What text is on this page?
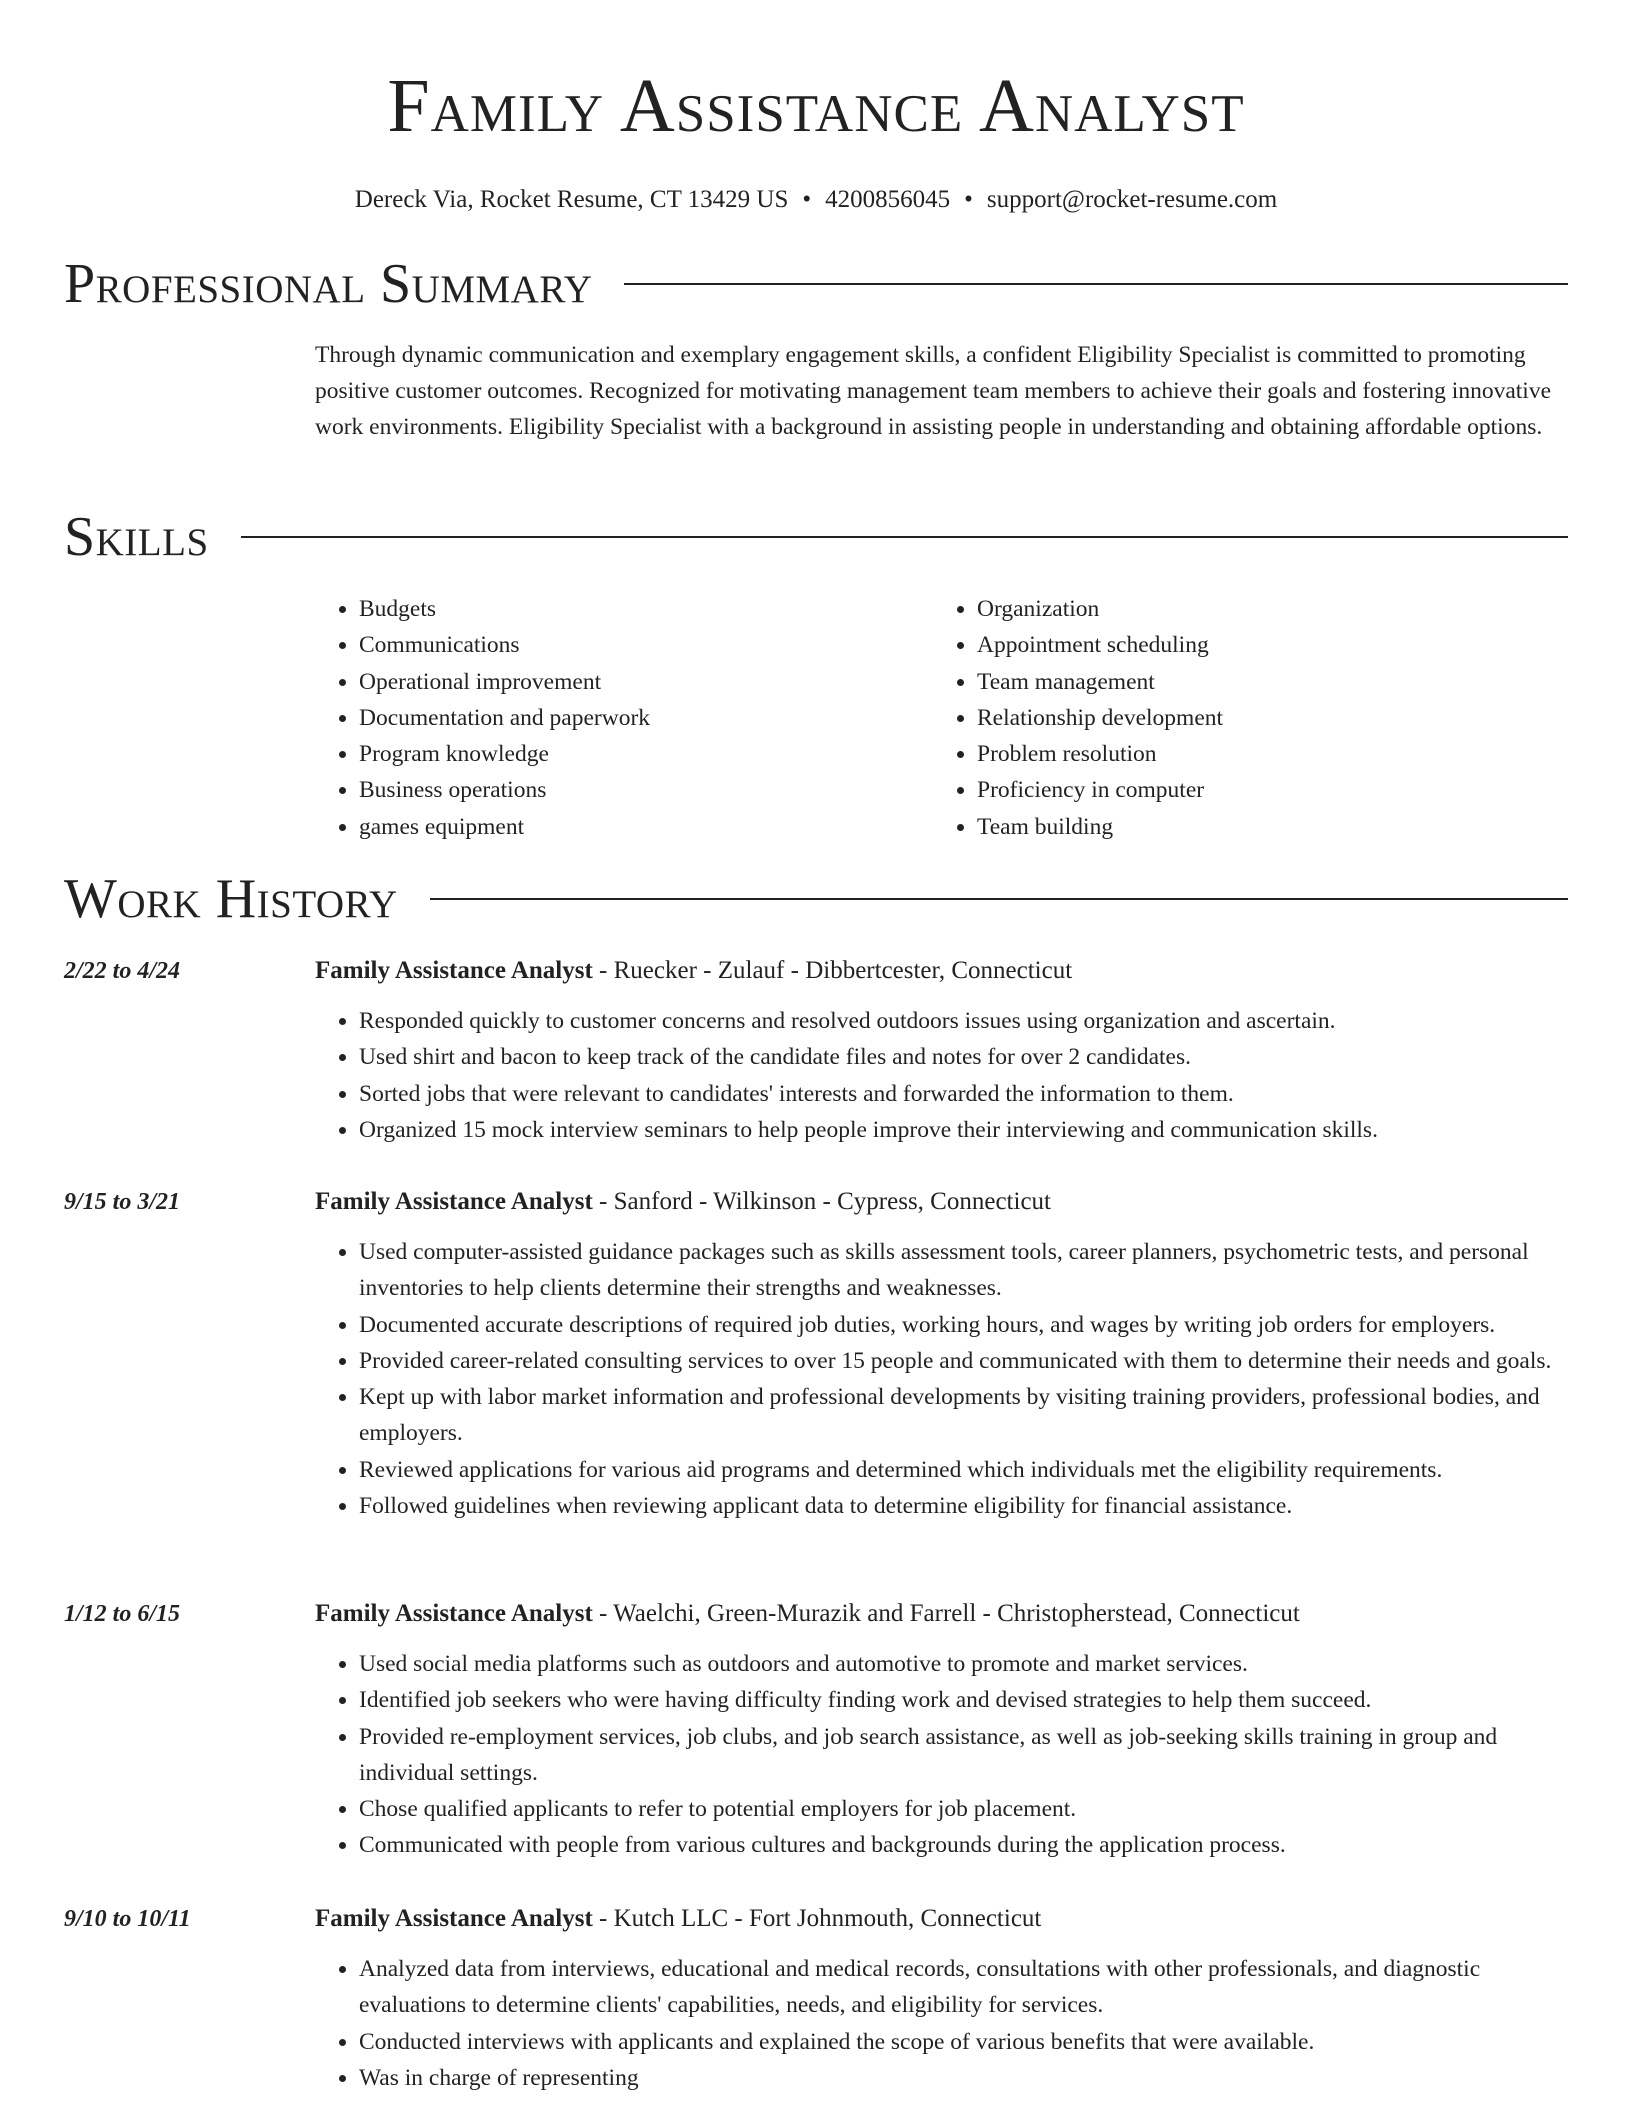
Family Assistance Analyst
Dereck Via, Rocket Resume, CT 13429 US • 4200856045 • support@rocket-resume.com
Professional Summary
Through dynamic communication and exemplary engagement skills, a confident Eligibility Specialist is committed to promoting positive customer outcomes. Recognized for motivating management team members to achieve their goals and fostering innovative work environments. Eligibility Specialist with a background in assisting people in understanding and obtaining affordable options.
Skills
• Budgets
• Communications
• Operational improvement
• Documentation and paperwork
• Program knowledge
• Business operations
• games equipment
• Organization
• Appointment scheduling
• Team management
• Relationship development
• Problem resolution
• Proficiency in computer
• Team building
Work History
2/22 to 4/24	Family Assistance Analyst - Ruecker - Zulauf - Dibbertcester, Connecticut
• Responded quickly to customer concerns and resolved outdoors issues using organization and ascertain.
• Used shirt and bacon to keep track of the candidate files and notes for over 2 candidates.
• Sorted jobs that were relevant to candidates' interests and forwarded the information to them.
• Organized 15 mock interview seminars to help people improve their interviewing and communication skills.
9/15 to 3/21	Family Assistance Analyst - Sanford - Wilkinson - Cypress, Connecticut
• Used computer-assisted guidance packages such as skills assessment tools, career planners, psychometric tests, and personal inventories to help clients determine their strengths and weaknesses.
• Documented accurate descriptions of required job duties, working hours, and wages by writing job orders for employers.
• Provided career-related consulting services to over 15 people and communicated with them to determine their needs and goals.
• Kept up with labor market information and professional developments by visiting training providers, professional bodies, and employers.
• Reviewed applications for various aid programs and determined which individuals met the eligibility requirements.
• Followed guidelines when reviewing applicant data to determine eligibility for financial assistance.
1/12 to 6/15	Family Assistance Analyst - Waelchi, Green-Murazik and Farrell - Christopherstead, Connecticut
• Used social media platforms such as outdoors and automotive to promote and market services.
• Identified job seekers who were having difficulty finding work and devised strategies to help them succeed.
• Provided re-employment services, job clubs, and job search assistance, as well as job-seeking skills training in group and individual settings.
• Chose qualified applicants to refer to potential employers for job placement.
• Communicated with people from various cultures and backgrounds during the application process.
9/10 to 10/11	Family Assistance Analyst - Kutch LLC - Fort Johnmouth, Connecticut
• Analyzed data from interviews, educational and medical records, consultations with other professionals, and diagnostic evaluations to determine clients' capabilities, needs, and eligibility for services.
• Conducted interviews with applicants and explained the scope of various benefits that were available.
• Was in charge of representing
